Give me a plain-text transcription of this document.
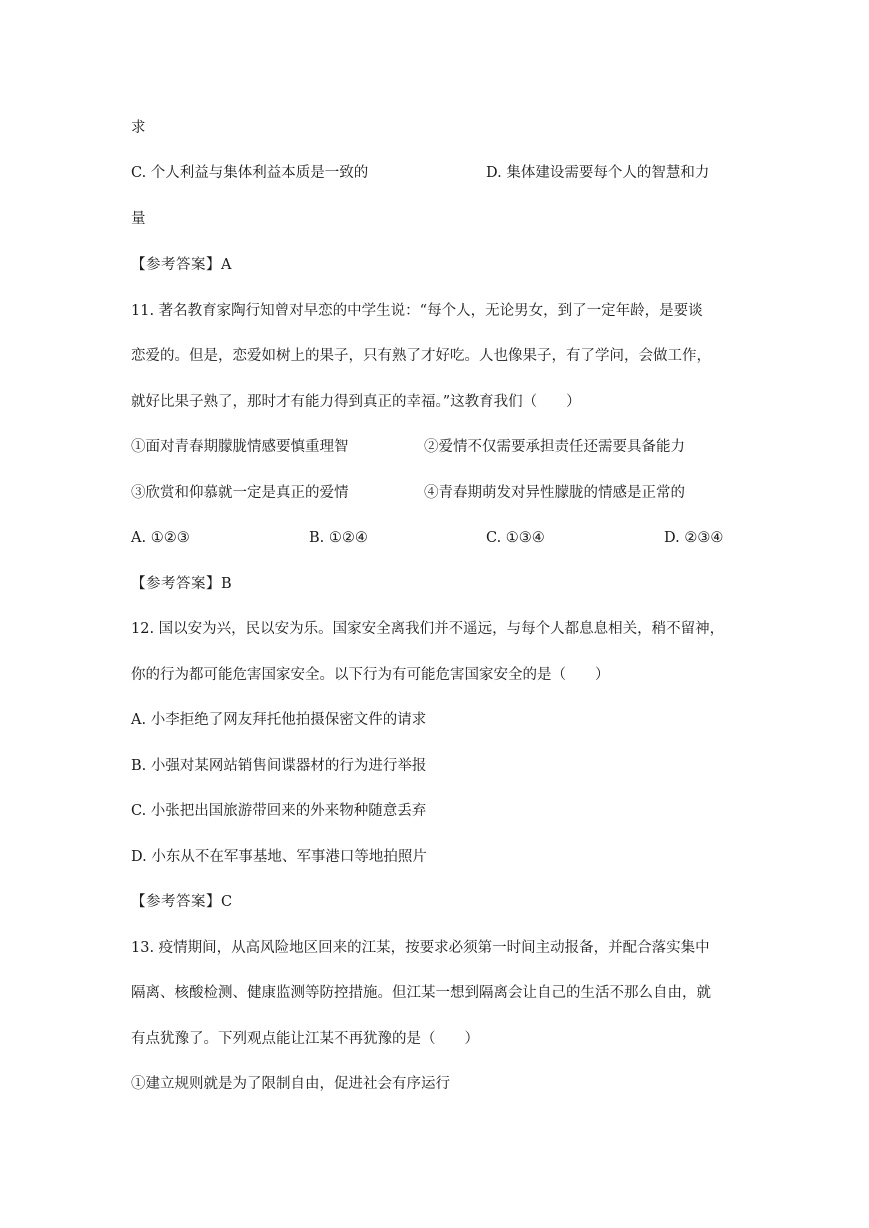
求
C. 个人利益与集体利益本质是一致的	D. 集体建设需要每个人的智慧和力
量
【参考答案】A
11. 著名教育家陶行知曾对早恋的中学生说：“每个人，无论男女，到了一定年龄，是要谈
恋爱的。但是，恋爱如树上的果子，只有熟了才好吃。人也像果子，有了学问，会做工作，
就好比果子熟了，那时才有能力得到真正的幸福。”这教育我们（　　）
①面对青春期朦胧情感要慎重理智	②爱情不仅需要承担责任还需要具备能力
③欣赏和仰慕就一定是真正的爱情	④青春期萌发对异性朦胧的情感是正常的
A. ①②③	B. ①②④	C. ①③④	D. ②③④
【参考答案】B
12. 国以安为兴，民以安为乐。国家安全离我们并不遥远，与每个人都息息相关，稍不留神，
你的行为都可能危害国家安全。以下行为有可能危害国家安全的是（　　）
A. 小李拒绝了网友拜托他拍摄保密文件的请求
B. 小强对某网站销售间谍器材的行为进行举报
C. 小张把出国旅游带回来的外来物种随意丢弃
D. 小东从不在军事基地、军事港口等地拍照片
【参考答案】C
13. 疫情期间，从高风险地区回来的江某，按要求必须第一时间主动报备，并配合落实集中
隔离、核酸检测、健康监测等防控措施。但江某一想到隔离会让自己的生活不那么自由，就
有点犹豫了。下列观点能让江某不再犹豫的是（　　）
①建立规则就是为了限制自由，促进社会有序运行
